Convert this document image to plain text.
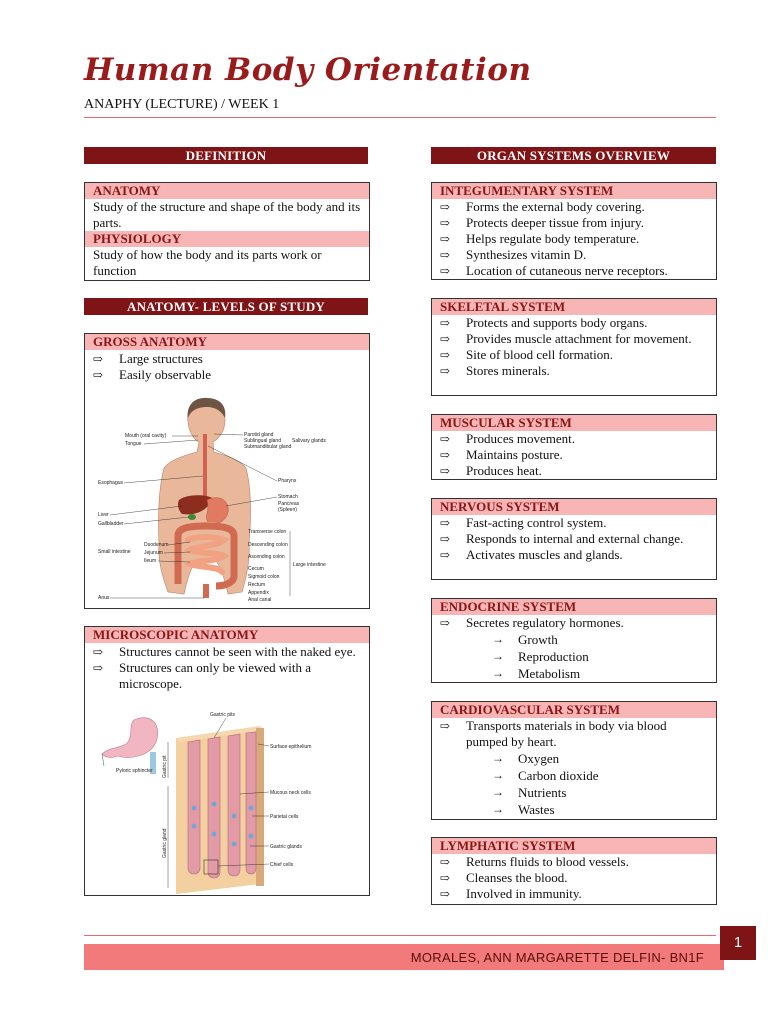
Human Body Orientation
ANAPHY (LECTURE) / WEEK 1
DEFINITION
ANATOMY
Study of the structure and shape of the body and its parts.
PHYSIOLOGY
Study of how the body and its parts work or function
ANATOMY- LEVELS OF STUDY
GROSS ANATOMY
⇨	Large structures
⇨	Easily observable
Mouth (oral cavity)
Tongue
Esophagus
Liver
Gallbladder
Small intestine
Duodenum
Jejunum
Ileum
Anus
Parotid gland
Sublingual gland
Submandibular gland
Salivary glands
Pharynx
Stomach
Pancreas
(Spleen)
Transverse colon
Descending colon
Ascending colon
Cecum
Sigmoid colon
Rectum
Appendix
Anal canal
Large intestine
MICROSCOPIC ANATOMY
⇨	Structures cannot be seen with the naked eye.
⇨	Structures can only be viewed with a microscope.
Pyloric sphincter Gastric pit
Gastric gland
Gastric pits
Surface epithelium
Mucous neck cells
Parietal cells
Gastric glands
Chief cells
ORGAN SYSTEMS OVERVIEW
INTEGUMENTARY SYSTEM
⇨	Forms the external body covering.
⇨	Protects deeper tissue from injury.
⇨	Helps regulate body temperature.
⇨	Synthesizes vitamin D.
⇨	Location of cutaneous nerve receptors.
SKELETAL SYSTEM
⇨	Protects and supports body organs.
⇨	Provides muscle attachment for movement.
⇨	Site of blood cell formation.
⇨	Stores minerals.
MUSCULAR SYSTEM
⇨	Produces movement.
⇨	Maintains posture.
⇨	Produces heat.
NERVOUS SYSTEM
⇨	Fast-acting control system.
⇨	Responds to internal and external change.
⇨	Activates muscles and glands.
ENDOCRINE SYSTEM
⇨	Secretes regulatory hormones.
→ Growth
→ Reproduction
→ Metabolism
CARDIOVASCULAR SYSTEM
⇨	Transports materials in body via blood pumped by heart.
→ Oxygen
→ Carbon dioxide
→ Nutrients
→ Wastes
LYMPHATIC SYSTEM
⇨	Returns fluids to blood vessels.
⇨	Cleanses the blood.
⇨	Involved in immunity.
MORALES, ANN MARGARETTE DELFIN- BN1F
1
